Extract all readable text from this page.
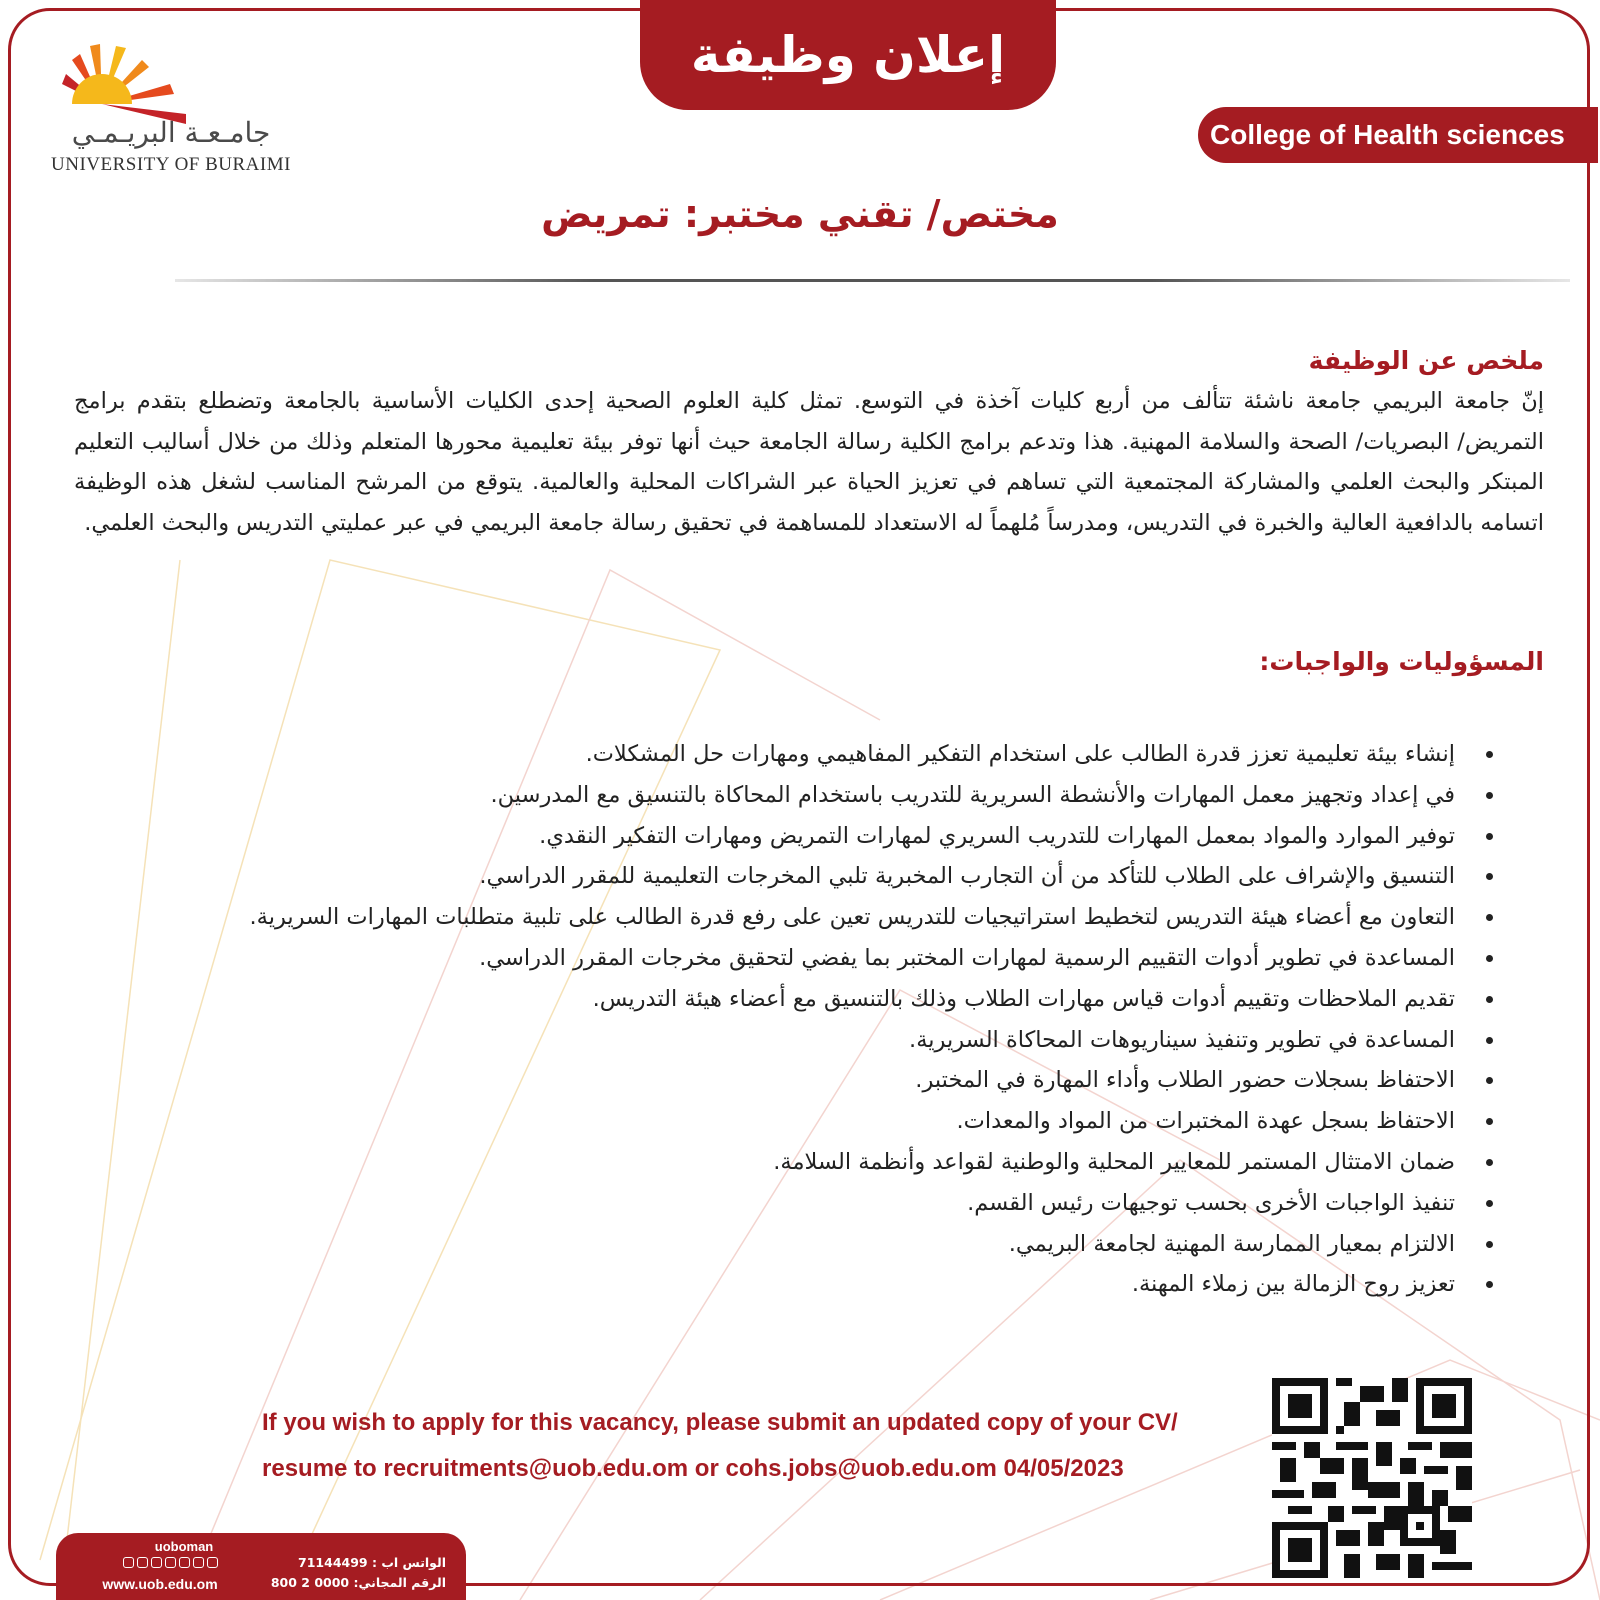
إعلان وظيفة
College of Health sciences
جامـعـة البريـمـي
UNIVERSITY OF BURAIMI
مختص/ تقني مختبر: تمريض
ملخص عن الوظيفة
إنّ جامعة البريمي جامعة ناشئة تتألف من أربع كليات آخذة في التوسع. تمثل كلية العلوم الصحية إحدى الكليات الأساسية بالجامعة وتضطلع بتقدم برامج التمريض/ البصريات/ الصحة والسلامة المهنية. هذا وتدعم برامج الكلية رسالة الجامعة حيث أنها توفر بيئة تعليمية محورها المتعلم وذلك من خلال أساليب التعليم المبتكر والبحث العلمي والمشاركة المجتمعية التي تساهم في تعزيز الحياة عبر الشراكات المحلية والعالمية. يتوقع من المرشح المناسب لشغل هذه الوظيفة اتسامه بالدافعية العالية والخبرة في التدريس، ومدرساً مُلهماً له الاستعداد للمساهمة في تحقيق رسالة جامعة البريمي في عبر عمليتي التدريس والبحث العلمي.
المسؤوليات والواجبات:
• إنشاء بيئة تعليمية تعزز قدرة الطالب على استخدام التفكير المفاهيمي ومهارات حل المشكلات.
• في إعداد وتجهيز معمل المهارات والأنشطة السريرية للتدريب باستخدام المحاكاة بالتنسيق مع المدرسين.
• توفير الموارد والمواد بمعمل المهارات للتدريب السريري لمهارات التمريض ومهارات التفكير النقدي.
• التنسيق والإشراف على الطلاب للتأكد من أن التجارب المخبرية تلبي المخرجات التعليمية للمقرر الدراسي.
• التعاون مع أعضاء هيئة التدريس لتخطيط استراتيجيات للتدريس تعين على رفع قدرة الطالب على تلبية متطلبات المهارات السريرية.
• المساعدة في تطوير أدوات التقييم الرسمية لمهارات المختبر بما يفضي لتحقيق مخرجات المقرر الدراسي.
• تقديم الملاحظات وتقييم أدوات قياس مهارات الطلاب وذلك بالتنسيق مع أعضاء هيئة التدريس.
• المساعدة في تطوير وتنفيذ سيناريوهات المحاكاة السريرية.
• الاحتفاظ بسجلات حضور الطلاب وأداء المهارة في المختبر.
• الاحتفاظ بسجل عهدة المختبرات من المواد والمعدات.
• ضمان الامتثال المستمر للمعايير المحلية والوطنية لقواعد وأنظمة السلامة.
• تنفيذ الواجبات الأخرى بحسب توجيهات رئيس القسم.
• الالتزام بمعيار الممارسة المهنية لجامعة البريمي.
• تعزيز روح الزمالة بين زملاء المهنة.
If you wish to apply for this vacancy, please submit an updated copy of your CV/
resume to recruitments@uob.edu.om or cohs.jobs@uob.edu.om 04/05/2023
uoboman
www.uob.edu.om
الواتس اب : 71144499
الرقم المجاني: 0000 2 800
